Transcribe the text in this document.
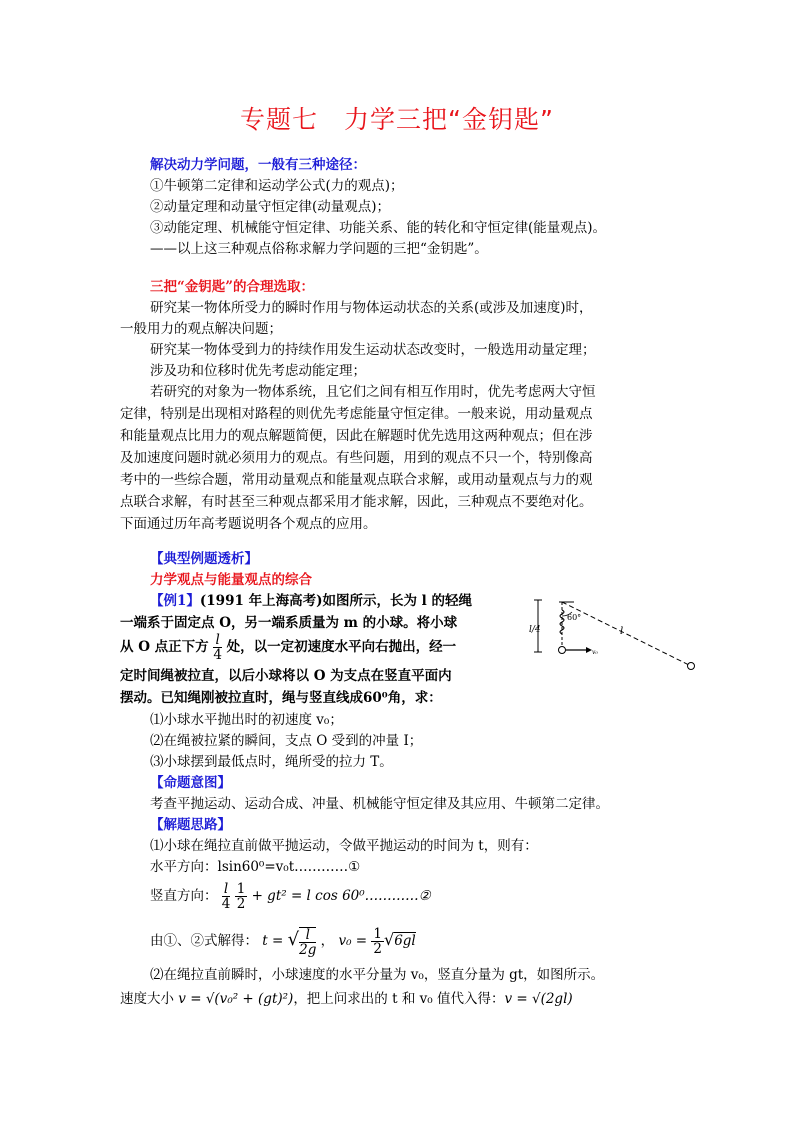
专题七　力学三把“金钥匙”
解决动力学问题，一般有三种途径：
①牛顿第二定律和运动学公式(力的观点)；
②动量定理和动量守恒定律(动量观点)；
③动能定理、机械能守恒定律、功能关系、能的转化和守恒定律(能量观点)。
——以上这三种观点俗称求解力学问题的三把“金钥匙”。
三把“金钥匙”的合理选取：
研究某一物体所受力的瞬时作用与物体运动状态的关系(或涉及加速度)时，
一般用力的观点解决问题；
研究某一物体受到力的持续作用发生运动状态改变时，一般选用动量定理；
涉及功和位移时优先考虑动能定理；
若研究的对象为一物体系统，且它们之间有相互作用时，优先考虑两大守恒
定律，特别是出现相对路程的则优先考虑能量守恒定律。一般来说，用动量观点
和能量观点比用力的观点解题简便，因此在解题时优先选用这两种观点；但在涉
及加速度问题时就必须用力的观点。有些问题，用到的观点不只一个，特别像高
考中的一些综合题，常用动量观点和能量观点联合求解，或用动量观点与力的观
点联合求解，有时甚至三种观点都采用才能求解，因此，三种观点不要绝对化。
下面通过历年高考题说明各个观点的应用。
【典型例题透析】
力学观点与能量观点的综合
【例1】(1991 年上海高考)如图所示，长为 l 的轻绳
一端系于固定点 O，另一端系质量为 m 的小球。将小球
从 O 点正下方 $\frac{l}{4}$ 处，以一定初速度水平向右抛出，经一
定时间绳被拉直，以后小球将以 O 为支点在竖直平面内
摆动。已知绳刚被拉直时，绳与竖直线成60⁰角，求：
⑴小球水平抛出时的初速度 v₀；
⑵在绳被拉紧的瞬间，支点 O 受到的冲量 I；
⑶小球摆到最低点时，绳所受的拉力 T。
【命题意图】
考查平抛运动、运动合成、冲量、机械能守恒定律及其应用、牛顿第二定律。
【解题思路】
⑴小球在绳拉直前做平抛运动，令做平抛运动的时间为 t，则有：
水平方向：lsin60⁰=v₀t…………①
竖直方向： $\frac{l}{4}$
$\frac{1}{2} + gt^2 = l$ cos 60⁰…………②
由①、②式解得： t = √ $\frac{l}{2g}$ ， $v_0 = \frac{1}{2} √6gl$
⑵在绳拉直前瞬时，小球速度的水平分量为 v₀，竖直分量为 gt，如图所示。
速度大小 v = √(v₀² + (gt)²)，把上问求出的 t 和 v₀ 值代入得：v = √(2gl)
l/4
60°
l
v₀
